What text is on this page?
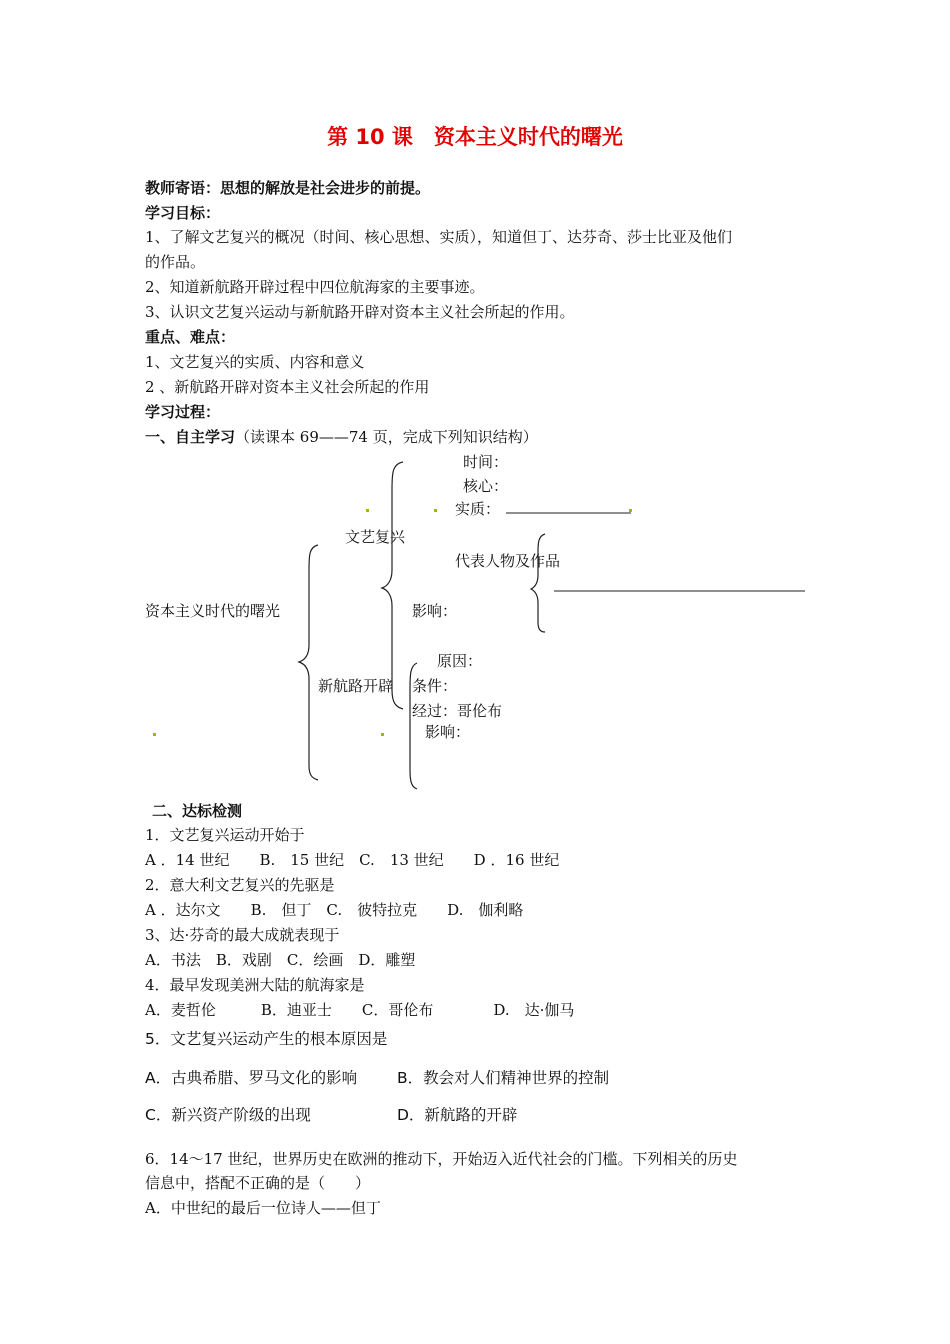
第 10 课　资本主义时代的曙光
教师寄语：思想的解放是社会进步的前提。
学习目标：
1、了解文艺复兴的概况（时间、核心思想、实质），知道但丁、达芬奇、莎士比亚及他们
的作品。
2、知道新航路开辟过程中四位航海家的主要事迹。
3、认识文艺复兴运动与新航路开辟对资本主义社会所起的作用。
重点、难点：
1、文艺复兴的实质、内容和意义
2 、新航路开辟对资本主义社会所起的作用
学习过程：
一、自主学习（读课本 69——74 页，完成下列知识结构）
时间：
核心：
实质：
文艺复兴
代表人物及作品
资本主义时代的曙光	影响：
原因：
新航路开辟 条件：
经过：哥伦布
影响：
二、达标检测
1．文艺复兴运动开始于
A ．14 世纪　　B.　15 世纪　C.　13 世纪　　D ．16 世纪
2．意大利文艺复兴的先驱是
A ．达尔文　　B.　但丁　C.　彼特拉克　　D.　伽利略
3、达·芬奇的最大成就表现于
A．书法　B．戏剧　C．绘画　D．雕塑
4．最早发现美洲大陆的航海家是
A．麦哲伦　　　B．迪亚士　　C．哥伦布　　　　D.　达·伽马
5．文艺复兴运动产生的根本原因是
A．古典希腊、罗马文化的影响	B．教会对人们精神世界的控制
C．新兴资产阶级的出现	D．新航路的开辟
6．14～17 世纪，世界历史在欧洲的推动下，开始迈入近代社会的门槛。下列相关的历史
信息中，搭配不正确的是（　　）
A．中世纪的最后一位诗人——但丁
